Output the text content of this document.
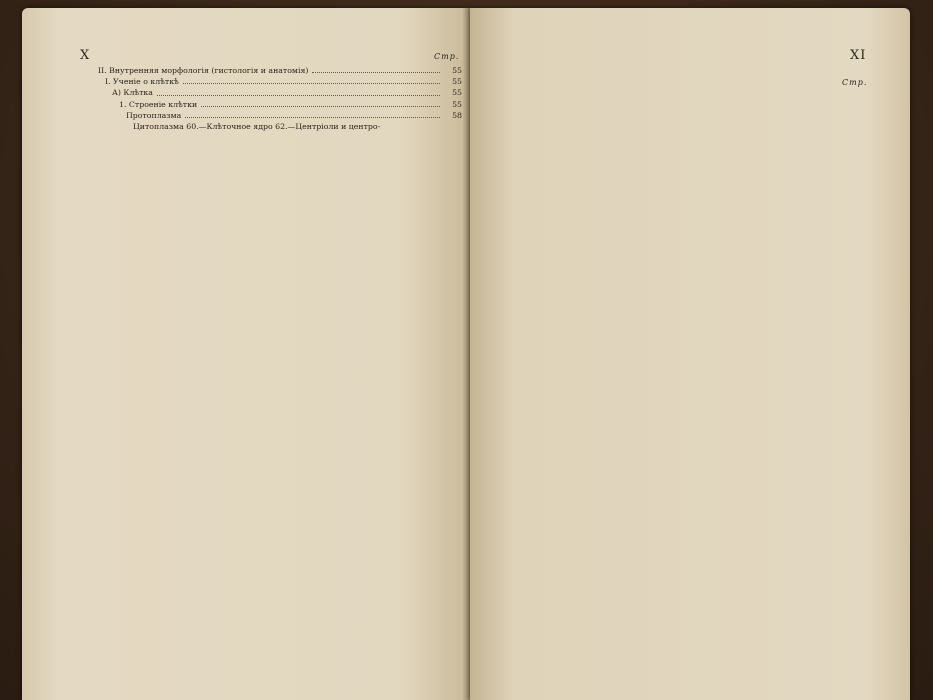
X	Стр.
II. Внутренняя морфологiя (гистологiя и анатомiя)	55
I. Ученiе о клѣткѣ	55
А) Клѣтка	55
1. Строенiе клѣтки	55
Протоплазма	58
Цитоплазма 60.—Клѣточное ядро 62.—Центрiоли и центро-
XI
Стр.
